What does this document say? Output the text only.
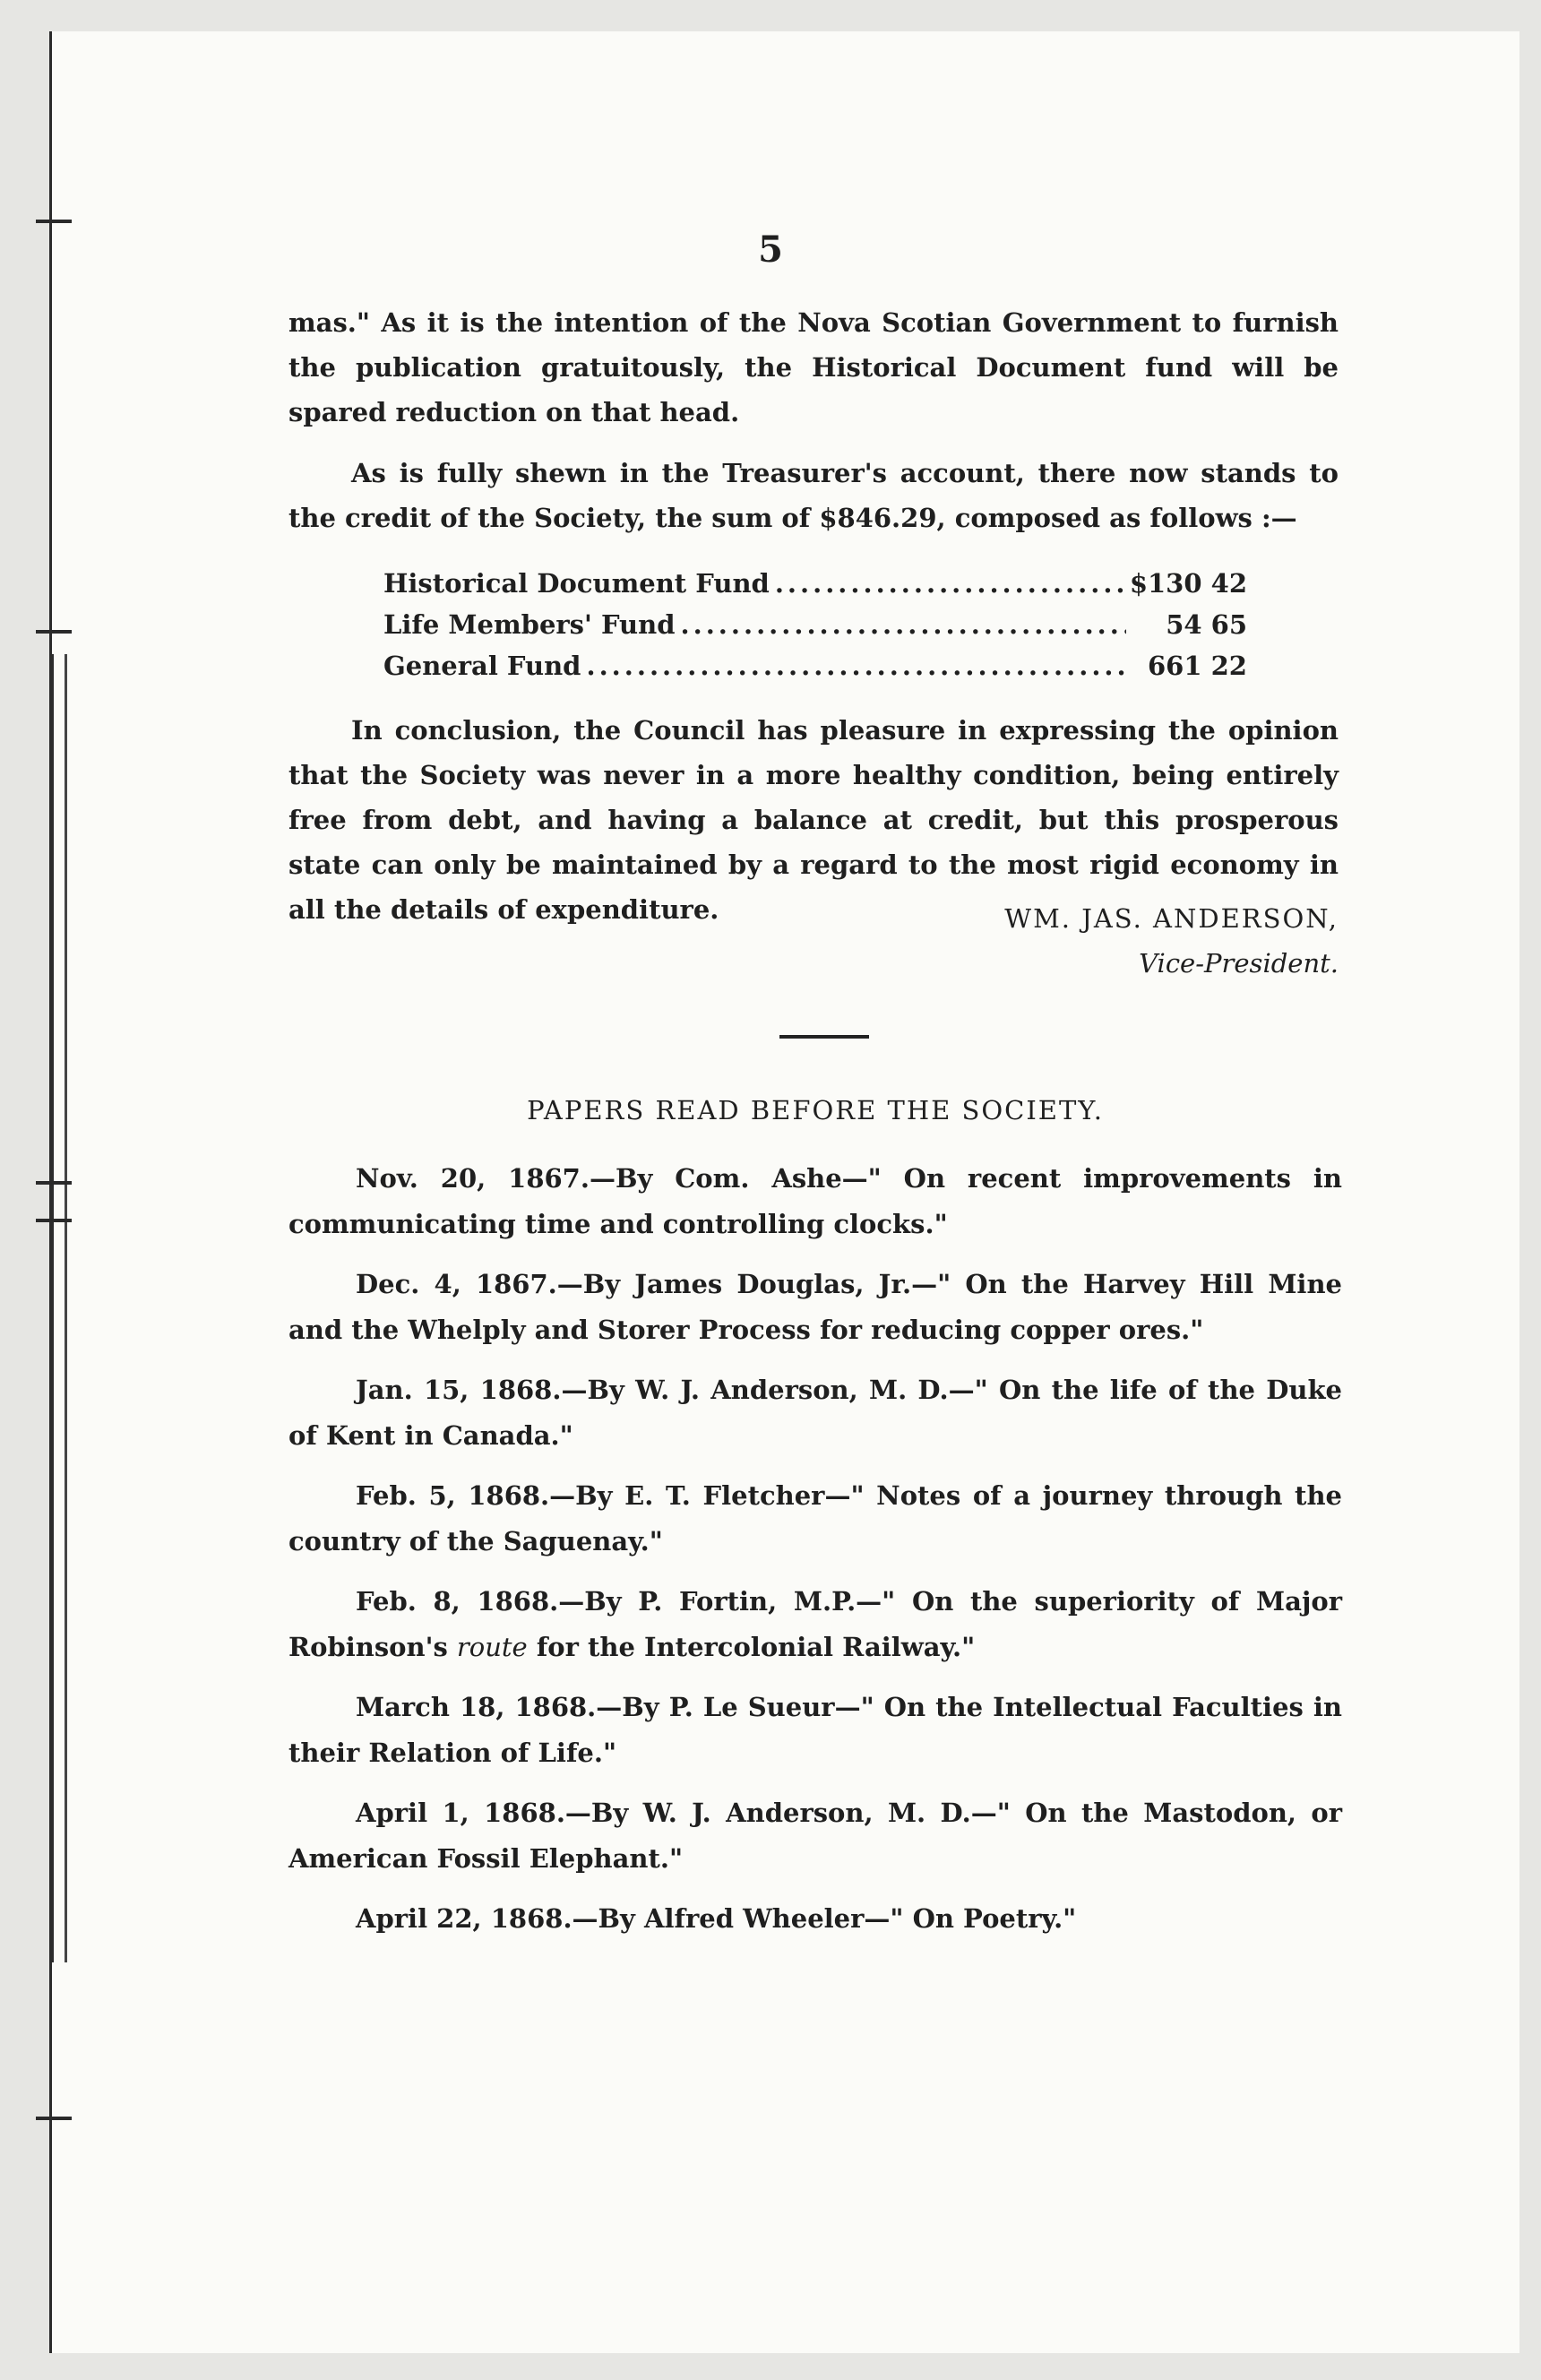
5

mas." As it is the intention of the Nova Scotian Government to furnish the publication gratuitously, the Historical Document fund will be spared reduction on that head.

As is fully shewn in the Treasurer's account, there now stands to the credit of the Society, the sum of $846.29, composed as follows :—

Historical Document Fund .....	$130 42
Life Members' Fund .....	54 65
General Fund .....	661 22

In conclusion, the Council has pleasure in expressing the opinion that the Society was never in a more healthy condition, being entirely free from debt, and having a balance at credit, but this prosperous state can only be maintained by a regard to the most rigid economy in all the details of expenditure.	WM. JAS. ANDERSON,
Vice-President.
PAPERS READ BEFORE THE SOCIETY.

Nov. 20, 1867.—By Com. Ashe—" On recent improvements in communicating time and controlling clocks."

Dec. 4, 1867.—By James Douglas, Jr.—" On the Harvey Hill Mine and the Whelply and Storer Process for reducing copper ores."

Jan. 15, 1868.—By W. J. Anderson, M. D.—" On the life of the Duke of Kent in Canada."

Feb. 5, 1868.—By E. T. Fletcher—" Notes of a journey through the country of the Saguenay."

Feb. 8, 1868.—By P. Fortin, M.P.—" On the superiority of Major Robinson's route for the Intercolonial Railway."

March 18, 1868.—By P. Le Sueur—" On the Intellectual Faculties in their Relation of Life."

April 1, 1868.—By W. J. Anderson, M. D.—" On the Mastodon, or American Fossil Elephant."

April 22, 1868.—By Alfred Wheeler—" On Poetry."
